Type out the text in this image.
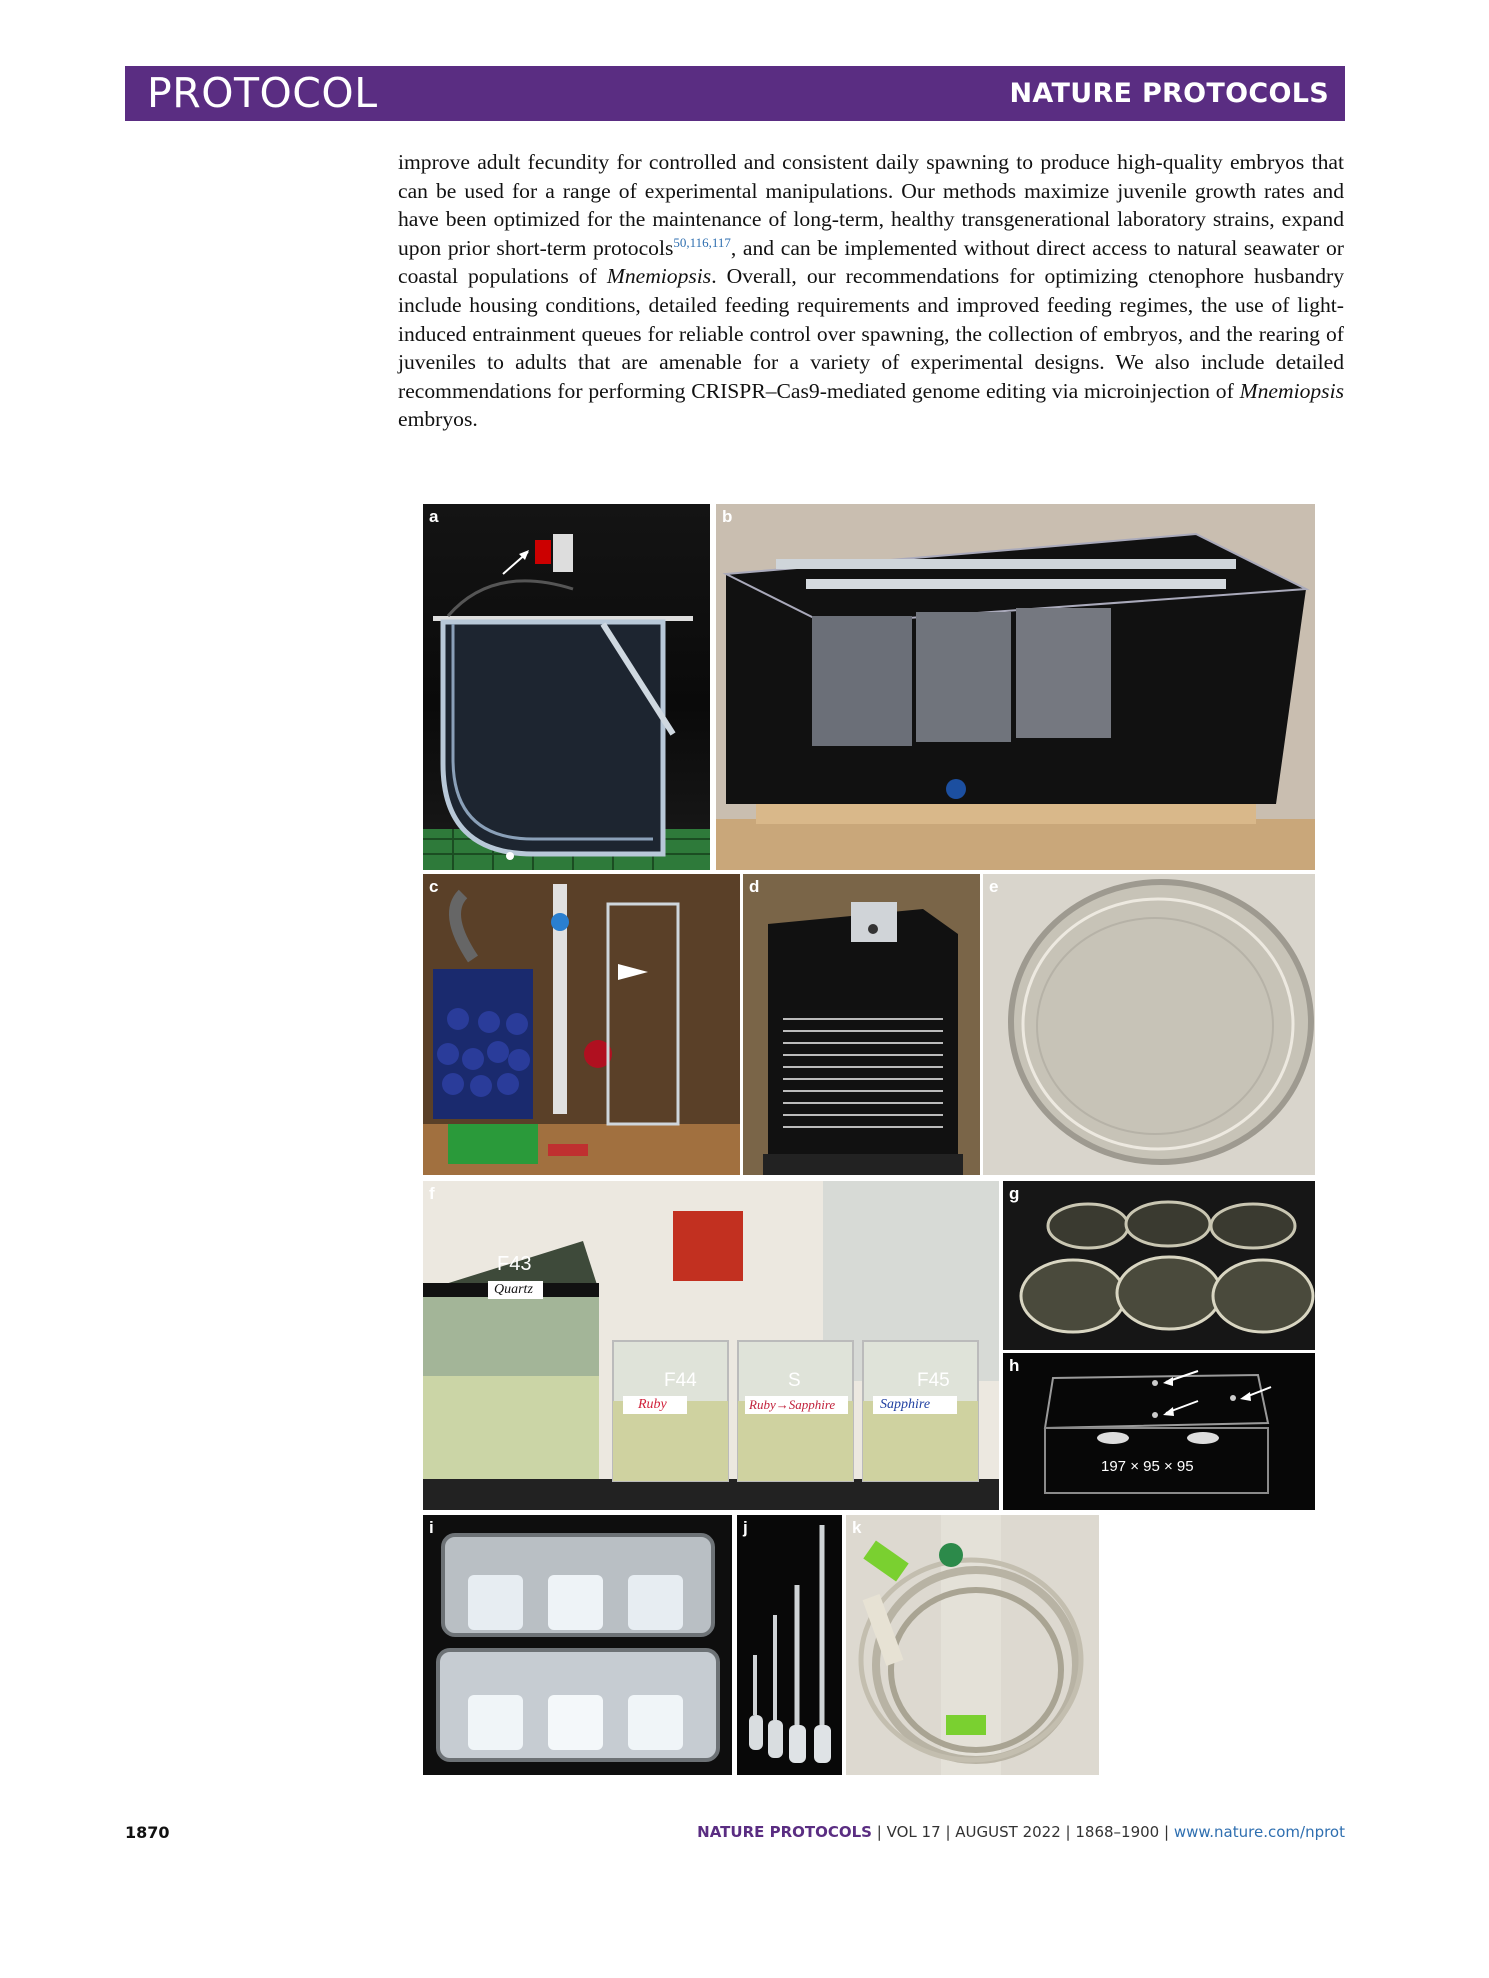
PROTOCOL	NATURE PROTOCOLS

improve adult fecundity for controlled and consistent daily spawning to produce high-quality embryos that can be used for a range of experimental manipulations. Our methods maximize juvenile growth rates and have been optimized for the maintenance of long-term, healthy transgenerational laboratory strains, expand upon prior short-term protocols$^{50,116,117}$, and can be implemented without direct access to natural seawater or coastal populations of Mnemiopsis. Overall, our recommendations for optimizing ctenophore husbandry include housing conditions, detailed feeding requirements and improved feeding regimes, the use of light-induced entrainment queues for reliable control over spawning, the collection of embryos, and the rearing of juveniles to adults that are amenable for a variety of experimental designs. We also include detailed recommendations for performing CRISPR–Cas9-mediated genome editing via microinjection of Mnemiopsis embryos.

a	b
c	d	e
f
F43
Quartz
F44
Ruby
S
Ruby→Sapphire
F45
Sapphire
g
h
197 × 95 × 95
i	j	k
1870	NATURE PROTOCOLS | VOL 17 | AUGUST 2022 | 1868–1900 | www.nature.com/nprot
